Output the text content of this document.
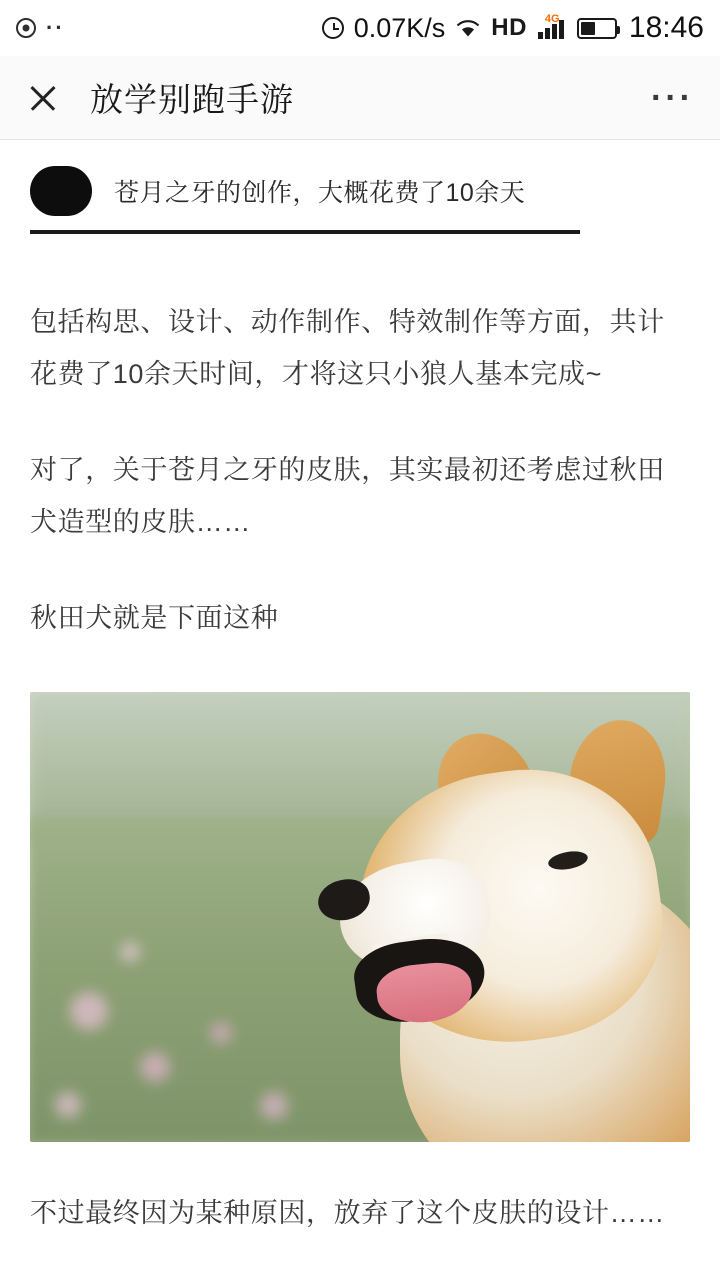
··	0.07K/s HD 4G 18:46
放学别跑手游	···
苍月之牙的创作，大概花费了10余天

包括构思、设计、动作制作、特效制作等方面，共计花费了10余天时间，才将这只小狼人基本完成~

对了，关于苍月之牙的皮肤，其实最初还考虑过秋田犬造型的皮肤……

秋田犬就是下面这种

不过最终因为某种原因，放弃了这个皮肤的设计……
